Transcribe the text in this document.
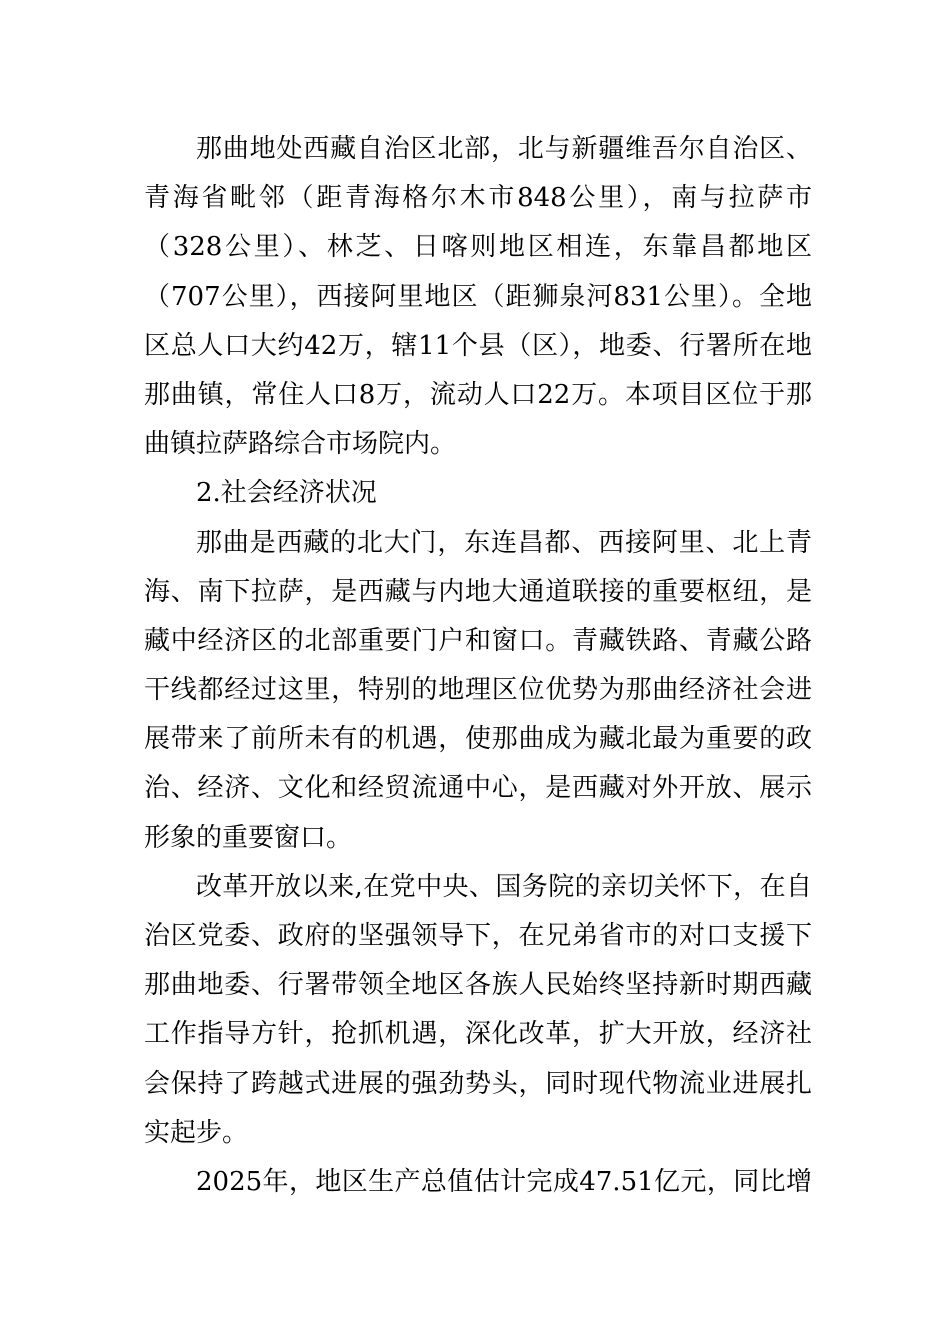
那曲地处西藏自治区北部，北与新疆维吾尔自治区、
青海省毗邻（距青海格尔木市848公里），南与拉萨市
（328公里）、林芝、日喀则地区相连，东靠昌都地区
（707公里），西接阿里地区（距狮泉河831公里）。全地
区总人口大约42万，辖11个县（区），地委、行署所在地
那曲镇，常住人口8万，流动人口22万。本项目区位于那
曲镇拉萨路综合市场院内。
2.社会经济状况
那曲是西藏的北大门，东连昌都、西接阿里、北上青
海、南下拉萨，是西藏与内地大通道联接的重要枢纽，是
藏中经济区的北部重要门户和窗口。青藏铁路、青藏公路
干线都经过这里，特别的地理区位优势为那曲经济社会进
展带来了前所未有的机遇，使那曲成为藏北最为重要的政
治、经济、文化和经贸流通中心，是西藏对外开放、展示
形象的重要窗口。
改革开放以来,在党中央、国务院的亲切关怀下，在自
治区党委、政府的坚强领导下，在兄弟省市的对口支援下
那曲地委、行署带领全地区各族人民始终坚持新时期西藏
工作指导方针，抢抓机遇，深化改革，扩大开放，经济社
会保持了跨越式进展的强劲势头，同时现代物流业进展扎
实起步。
2025年，地区生产总值估计完成47.51亿元，同比增
